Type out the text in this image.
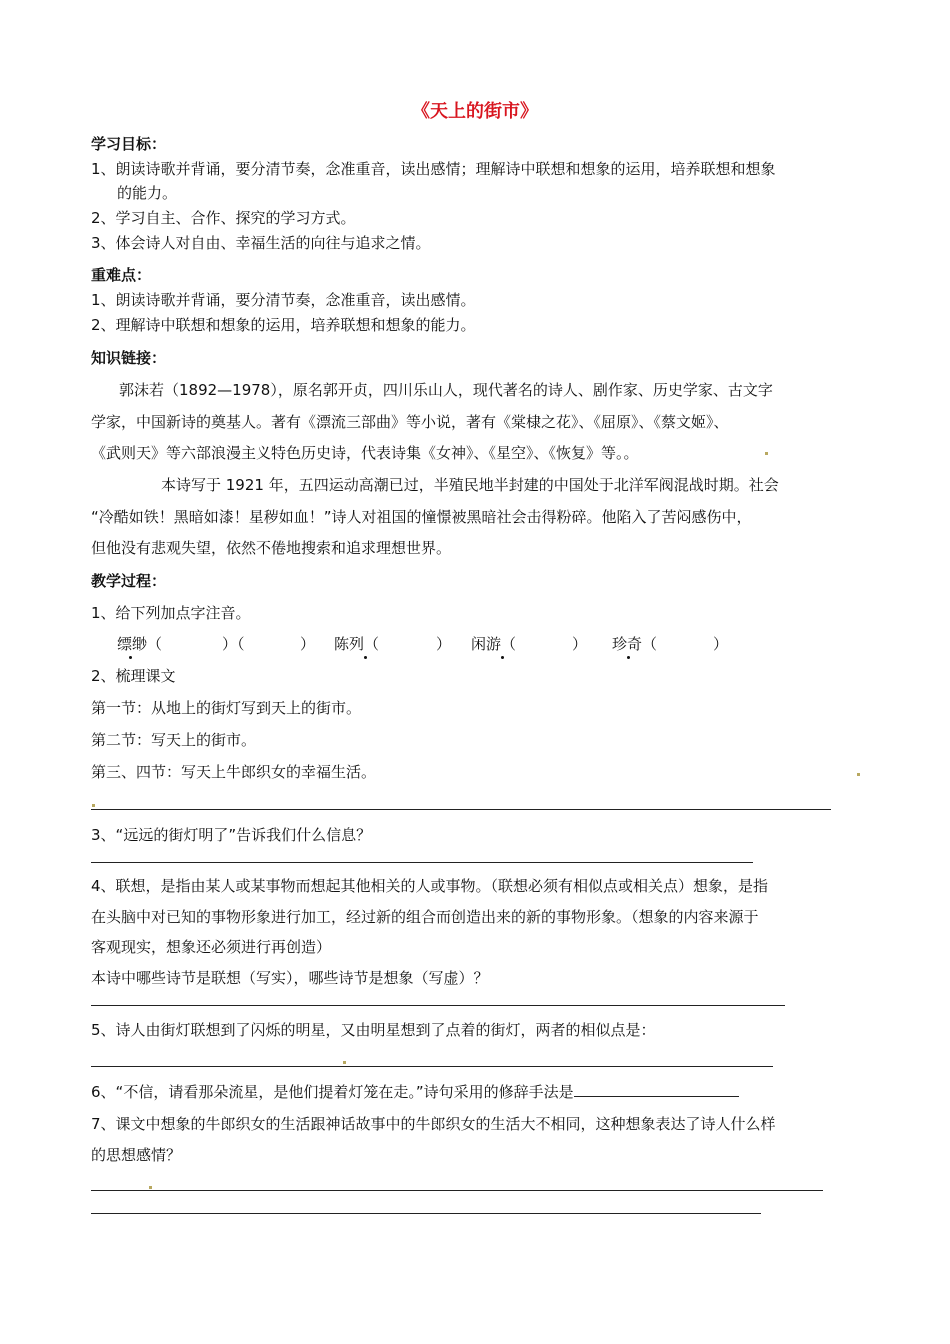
《天上的街市》
学习目标：
1、朗读诗歌并背诵，要分清节奏，念准重音，读出感情；理解诗中联想和想象的运用，培养联想和想象
的能力。
2、学习自主、合作、探究的学习方式。
3、体会诗人对自由、幸福生活的向往与追求之情。
重难点：
1、朗读诗歌并背诵，要分清节奏，念准重音，读出感情。
2、理解诗中联想和想象的运用，培养联想和想象的能力。
知识链接：
郭沫若（1892—1978），原名郭开贞，四川乐山人，现代著名的诗人、剧作家、历史学家、古文字
学家，中国新诗的奠基人。著有《漂流三部曲》等小说，著有《棠棣之花》、《屈原》、《蔡文姬》、
《武则天》等六部浪漫主义特色历史诗，代表诗集《女神》、《星空》、《恢复》等。。
本诗写于 1921 年，五四运动高潮已过，半殖民地半封建的中国处于北洋军阀混战时期。社会
“冷酷如铁！黑暗如漆！星秽如血！”诗人对祖国的憧憬被黑暗社会击得粉碎。他陷入了苦闷感伤中，
但他没有悲观失望，依然不倦地搜索和追求理想世界。
教学过程：
1、给下列加点字注音。
缥缈（	）（	） 陈列（	） 闲游（	） 珍奇（	）
2、梳理课文
第一节：从地上的街灯写到天上的街市。
第二节：写天上的街市。
第三、四节：写天上牛郎织女的幸福生活。
3、“远远的街灯明了”告诉我们什么信息？
4、联想，是指由某人或某事物而想起其他相关的人或事物。（联想必须有相似点或相关点）想象，是指
在头脑中对已知的事物形象进行加工，经过新的组合而创造出来的新的事物形象。（想象的内容来源于
客观现实，想象还必须进行再创造）
本诗中哪些诗节是联想（写实），哪些诗节是想象（写虚）？
5、诗人由街灯联想到了闪烁的明星，又由明星想到了点着的街灯，两者的相似点是：
6、“不信，请看那朵流星，是他们提着灯笼在走。”诗句采用的修辞手法是
7、课文中想象的牛郎织女的生活跟神话故事中的牛郎织女的生活大不相同，这种想象表达了诗人什么样
的思想感情？
